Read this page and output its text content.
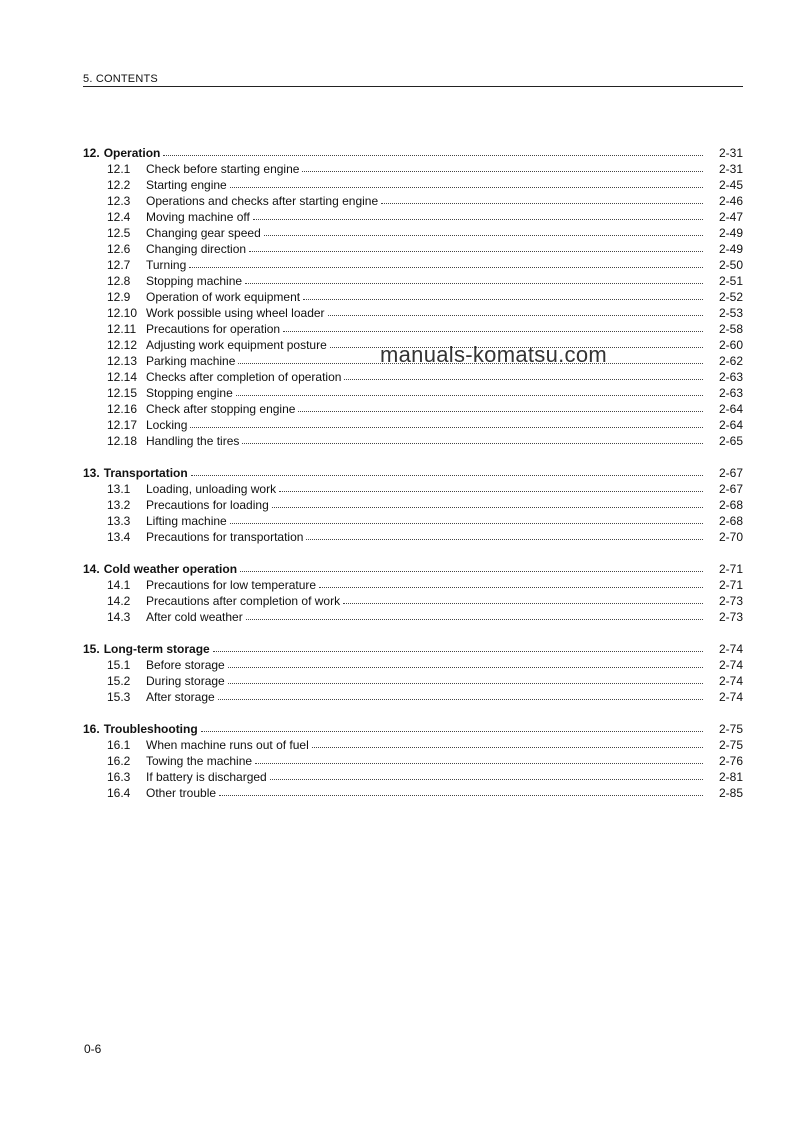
5. CONTENTS
12. Operation	2-31
12.1	Check before starting engine	2-31
12.2	Starting engine	2-45
12.3	Operations and checks after starting engine	2-46
12.4	Moving machine off	2-47
12.5	Changing gear speed	2-49
12.6	Changing direction	2-49
12.7	Turning	2-50
12.8	Stopping machine	2-51
12.9	Operation of work equipment	2-52
12.10 Work possible using wheel loader	2-53
12.11 Precautions for operation	2-58
12.12 Adjusting work equipment posture	2-60
12.13 Parking machine	2-62
12.14 Checks after completion of operation	2-63
12.15 Stopping engine	2-63
12.16 Check after stopping engine	2-64
12.17 Locking	2-64
12.18 Handling the tires	2-65
13. Transportation	2-67
13.1	Loading, unloading work	2-67
13.2	Precautions for loading	2-68
13.3	Lifting machine	2-68
13.4	Precautions for transportation	2-70
14. Cold weather operation	2-71
14.1	Precautions for low temperature	2-71
14.2	Precautions after completion of work	2-73
14.3	After cold weather	2-73
15. Long-term storage	2-74
15.1	Before storage	2-74
15.2	During storage	2-74
15.3	After storage	2-74
16. Troubleshooting	2-75
16.1	When machine runs out of fuel	2-75
16.2	Towing the machine	2-76
16.3	If battery is discharged	2-81
16.4	Other trouble	2-85
manuals-komatsu.com
0-6
